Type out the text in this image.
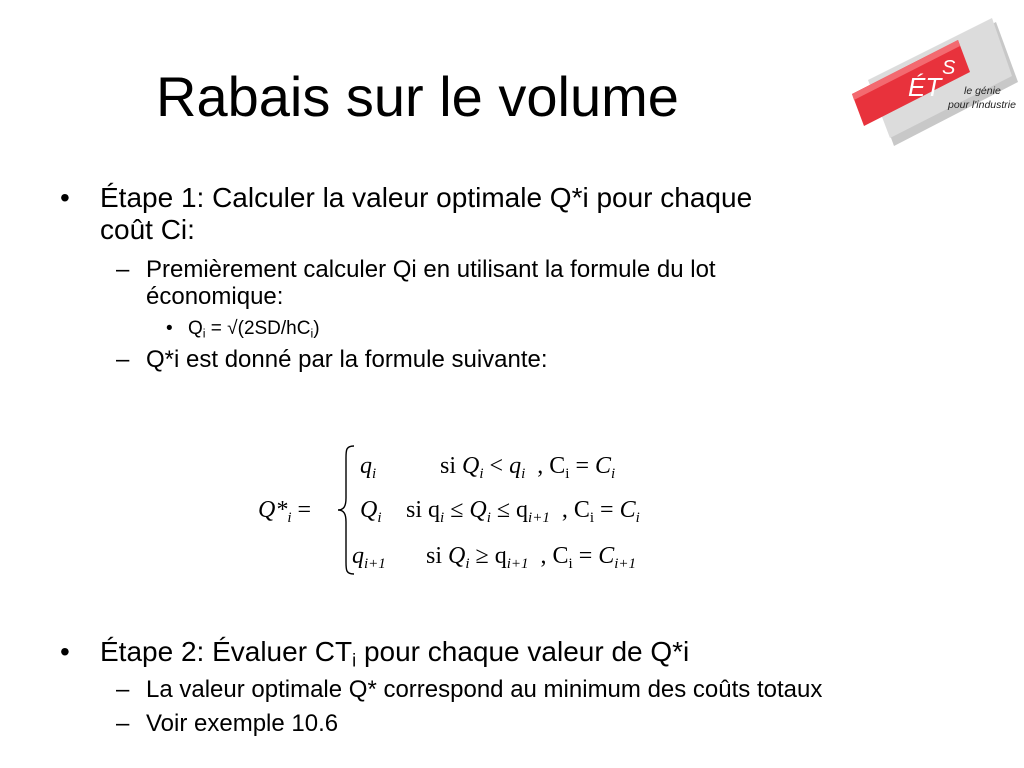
Rabais sur le volume	ÉT
S
le génie
pour l'industrie
• Étape 1: Calculer la valeur optimale Q*i pour chaque
coût Ci:
– Premièrement calculer Qi en utilisant la formule du lot
économique:
• $Q_i = √(2SD/hC_i)$
– Q*i est donné par la formule suivante:
$Q*_i$ =
$q_i$	si $Q_i < q_i$ , $C_i = C_i$
$Q_i$ si $q_i \le Q_i \le q_{i+1}$ , $C_i = C_i$
$q_{i+1}$ si $Q_i \ge q_{i+1}$ , $C_i = C_{i+1}$
• Étape 2: Évaluer $CT_i$ pour chaque valeur de Q*i
– La valeur optimale Q* correspond au minimum des coûts totaux
– Voir exemple 10.6
